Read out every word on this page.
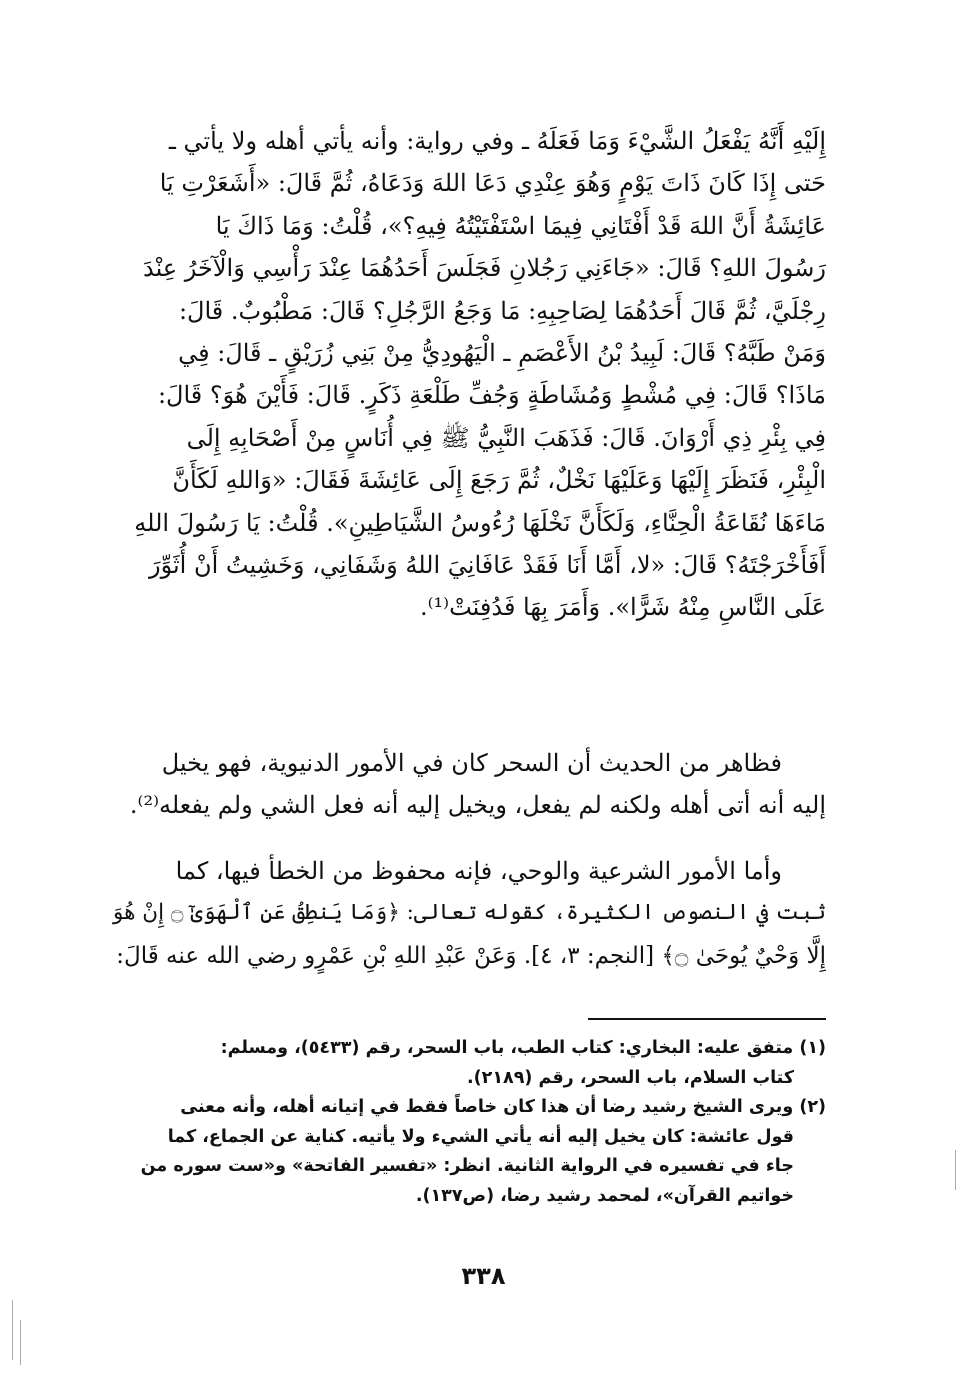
إِلَيْهِ أَنَّهُ يَفْعَلُ الشَّيْءَ وَمَا فَعَلَهُ ـ وفي رواية: وأنه يأتي أهله ولا يأتي ـ
حَتى إِذَا كَانَ ذَاتَ يَوْمٍ وَهُوَ عِنْدِي دَعَا اللهَ وَدَعَاهُ، ثُمَّ قَالَ: «أَشَعَرْتِ يَا
عَائِشَةُ أَنَّ اللهَ قَدْ أَفْتَانِي فِيمَا اسْتَفْتَيْتُهُ فِيهِ؟»، قُلْتُ: وَمَا ذَاكَ يَا
رَسُولَ اللهِ؟ قَالَ: «جَاءَنِي رَجُلانِ فَجَلَسَ أَحَدُهُمَا عِنْدَ رَأْسِي وَالْآخَرُ عِنْدَ
رِجْلَيَّ، ثُمَّ قَالَ أَحَدُهُمَا لِصَاحِبِهِ: مَا وَجَعُ الرَّجُلِ؟ قَالَ: مَطْبُوبٌ. قَالَ:
وَمَنْ طَبَّهُ؟ قَالَ: لَبِيدُ بْنُ الأَعْصَمِ ـ الْيَهُودِيُّ مِنْ بَنِي زُرَيْقٍ ـ قَالَ: فِي
مَاذَا؟ قَالَ: فِي مُشْطٍ وَمُشَاطَةٍ وَجُفِّ طَلْعَةِ ذَكَرٍ. قَالَ: فَأَيْنَ هُوَ؟ قَالَ:
فِي بِئْرِ ذِي أَرْوَانَ. قَالَ: فَذَهَبَ النَّبِيُّ ﷺ فِي أُنَاسٍ مِنْ أَصْحَابِهِ إِلَى
الْبِئْرِ، فَنَظَرَ إِلَيْهَا وَعَلَيْهَا نَخْلٌ، ثُمَّ رَجَعَ إِلَى عَائِشَةَ فَقَالَ: «وَاللهِ لَكَأَنَّ
مَاءَهَا نُقَاعَةُ الْحِنَّاءِ، وَلَكَأَنَّ نَخْلَهَا رُءُوسُ الشَّيَاطِينِ». قُلْتُ: يَا رَسُولَ اللهِ
أَفَأَخْرَجْتَهُ؟ قَالَ: «لا، أَمَّا أَنَا فَقَدْ عَافَانِيَ اللهُ وَشَفَانِي، وَخَشِيتُ أَنْ أُثَوِّرَ
عَلَى النَّاسِ مِنْهُ شَرًّا». وَأَمَرَ بِهَا فَدُفِنَتْ⁽¹⁾.
فظاهر من الحديث أن السحر كان في الأمور الدنيوية، فهو يخيل
إليه أنه أتى أهله ولكنه لم يفعل، ويخيل إليه أنه فعل الشي ولم يفعله⁽²⁾.
وأما الأمور الشرعية والوحي، فإنه محفوظ من الخطأ فيها، كما
ثبت في النصوص الكثيرة، كقوله تعالى: ﴿وَمَا يَنطِقُ عَنِ ٱلْهَوَىٰٓ ۝ إِنْ هُوَ
إِلَّا وَحْيٌ يُوحَىٰ ۝﴾ [النجم: ٣، ٤]. وَعَنْ عَبْدِ اللهِ بْنِ عَمْرٍو رضي الله عنه قَالَ:
(١) متفق عليه: البخاري: كتاب الطب، باب السحر، رقم (٥٤٣٣)، ومسلم:
كتاب السلام، باب السحر، رقم (٢١٨٩).
(٢) ويرى الشيخ رشيد رضا أن هذا كان خاصاً فقط في إتيانه أهله، وأنه معنى
قول عائشة: كان يخيل إليه أنه يأتي الشيء ولا يأتيه. كناية عن الجماع، كما
جاء في تفسيره في الرواية الثانية. انظر: «تفسير الفاتحة» و«ست سوره من
خواتيم القرآن»، لمحمد رشيد رضا، (ص١٣٧).
٣٣٨
